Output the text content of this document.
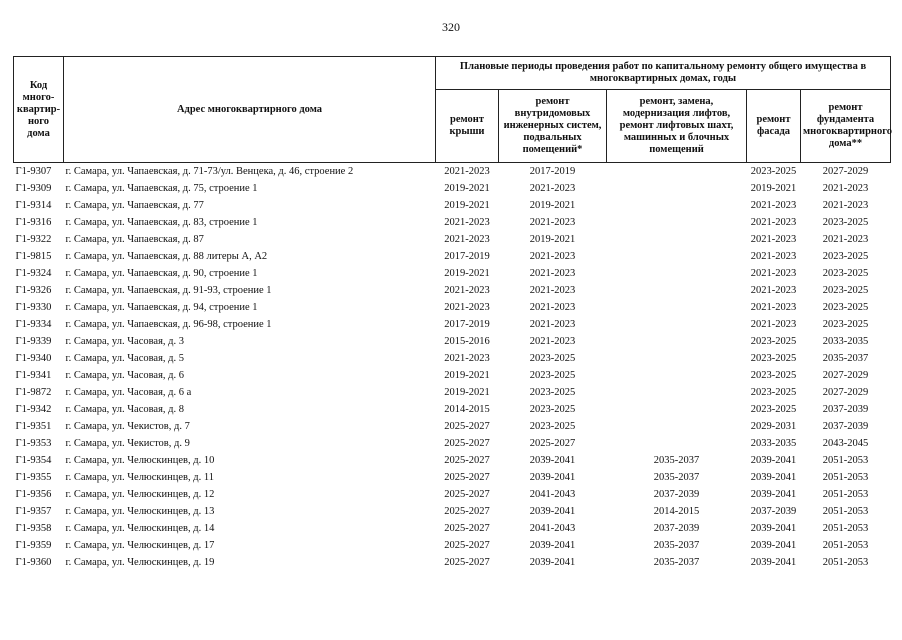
320
Код много-квартир-ного дома	Адрес многоквартирного дома	Плановые периоды проведения работ по капитальному ремонту общего имущества в многоквартирных домах, годы				
		ремонт крыши	ремонт внутридомовых инженерных систем, подвальных помещений*	ремонт, замена, модернизация лифтов, ремонт лифтовых шахт, машинных и блочных помещений	ремонт фасада	ремонт фундамента многоквартирного дома**
Г1-9307	г. Самара, ул. Чапаевская, д. 71-73/ул. Венцека, д. 46, строение 2	2021-2023	2017-2019		2023-2025	2027-2029
Г1-9309	г. Самара, ул. Чапаевская, д. 75, строение 1	2019-2021	2021-2023		2019-2021	2021-2023
Г1-9314	г. Самара, ул. Чапаевская, д. 77	2019-2021	2019-2021		2021-2023	2021-2023
Г1-9316	г. Самара, ул. Чапаевская, д. 83, строение 1	2021-2023	2021-2023		2021-2023	2023-2025
Г1-9322	г. Самара, ул. Чапаевская, д. 87	2021-2023	2019-2021		2021-2023	2021-2023
Г1-9815	г. Самара, ул. Чапаевская, д. 88 литеры А, А2	2017-2019	2021-2023		2021-2023	2023-2025
Г1-9324	г. Самара, ул. Чапаевская, д. 90, строение 1	2019-2021	2021-2023		2021-2023	2023-2025
Г1-9326	г. Самара, ул. Чапаевская, д. 91-93, строение 1	2021-2023	2021-2023		2021-2023	2023-2025
Г1-9330	г. Самара, ул. Чапаевская, д. 94, строение 1	2021-2023	2021-2023		2021-2023	2023-2025
Г1-9334	г. Самара, ул. Чапаевская, д. 96-98, строение 1	2017-2019	2021-2023		2021-2023	2023-2025
Г1-9339	г. Самара, ул. Часовая, д. 3	2015-2016	2021-2023		2023-2025	2033-2035
Г1-9340	г. Самара, ул. Часовая, д. 5	2021-2023	2023-2025		2023-2025	2035-2037
Г1-9341	г. Самара, ул. Часовая, д. 6	2019-2021	2023-2025		2023-2025	2027-2029
Г1-9872	г. Самара, ул. Часовая, д. 6 а	2019-2021	2023-2025		2023-2025	2027-2029
Г1-9342	г. Самара, ул. Часовая, д. 8	2014-2015	2023-2025		2023-2025	2037-2039
Г1-9351	г. Самара, ул. Чекистов, д. 7	2025-2027	2023-2025		2029-2031	2037-2039
Г1-9353	г. Самара, ул. Чекистов, д. 9	2025-2027	2025-2027		2033-2035	2043-2045
Г1-9354	г. Самара, ул. Челюскинцев, д. 10	2025-2027	2039-2041	2035-2037	2039-2041	2051-2053
Г1-9355	г. Самара, ул. Челюскинцев, д. 11	2025-2027	2039-2041	2035-2037	2039-2041	2051-2053
Г1-9356	г. Самара, ул. Челюскинцев, д. 12	2025-2027	2041-2043	2037-2039	2039-2041	2051-2053
Г1-9357	г. Самара, ул. Челюскинцев, д. 13	2025-2027	2039-2041	2014-2015	2037-2039	2051-2053
Г1-9358	г. Самара, ул. Челюскинцев, д. 14	2025-2027	2041-2043	2037-2039	2039-2041	2051-2053
Г1-9359	г. Самара, ул. Челюскинцев, д. 17	2025-2027	2039-2041	2035-2037	2039-2041	2051-2053
Г1-9360	г. Самара, ул. Челюскинцев, д. 19	2025-2027	2039-2041	2035-2037	2039-2041	2051-2053
